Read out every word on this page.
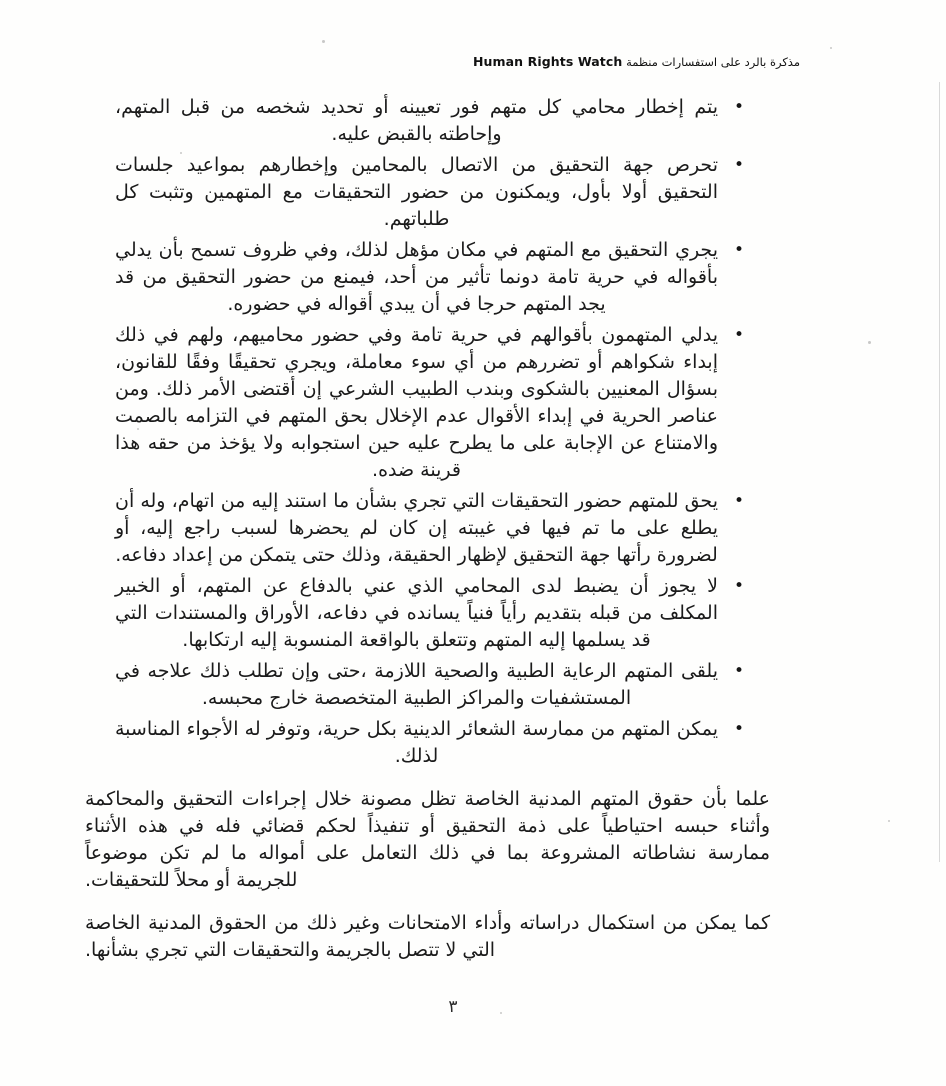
مذكرة بالرد على استفسارات منظمة Human Rights Watch
•
يتم إخطار محامي كل متهم فور تعيينه أو تحديد شخصه من قبل المتهم، وإحاطته بالقبض عليه.
•
تحرص جهة التحقيق من الاتصال بالمحامين وإخطارهم بمواعيد جلسات التحقيق أولا بأول، ويمكنون من حضور التحقيقات مع المتهمين وتثبت كل طلباتهم.
•
يجري التحقيق مع المتهم في مكان مؤهل لذلك، وفي ظروف تسمح بأن يدلي بأقواله في حرية تامة دونما تأثير من أحد، فيمنع من حضور التحقيق من قد يجد المتهم حرجا في أن يبدي أقواله في حضوره.
•
يدلي المتهمون بأقوالهم في حرية تامة وفي حضور محاميهم، ولهم في ذلك إبداء شكواهم أو تضررهم من أي سوء معاملة، ويجري تحقيقًا وفقًا للقانون، بسؤال المعنيين بالشكوى وبندب الطبيب الشرعي إن أقتضى الأمر ذلك. ومن عناصر الحرية في إبداء الأقوال عدم الإخلال بحق المتهم في التزامه بالصمت والامتناع عن الإجابة على ما يطرح عليه حين استجوابه ولا يؤخذ من حقه هذا قرينة ضده.
•
يحق للمتهم حضور التحقيقات التي تجري بشأن ما استند إليه من اتهام، وله أن يطلع على ما تم فيها في غيبته إن كان لم يحضرها لسبب راجع إليه، أو لضرورة رأتها جهة التحقيق لإظهار الحقيقة، وذلك حتى يتمكن من إعداد دفاعه.
•
لا يجوز أن يضبط لدى المحامي الذي عني بالدفاع عن المتهم، أو الخبير المكلف من قبله بتقديم رأياً فنياً يسانده في دفاعه، الأوراق والمستندات التي قد يسلمها إليه المتهم وتتعلق بالواقعة المنسوبة إليه ارتكابها.
•
يلقى المتهم الرعاية الطبية والصحية اللازمة ،حتى وإن تطلب ذلك علاجه في المستشفيات والمراكز الطبية المتخصصة خارج محبسه.
•
يمكن المتهم من ممارسة الشعائر الدينية بكل حرية، وتوفر له الأجواء المناسبة لذلك.

علما بأن حقوق المتهم المدنية الخاصة تظل مصونة خلال إجراءات التحقيق والمحاكمة وأثناء حبسه احتياطياً على ذمة التحقيق أو تنفيذاً لحكم قضائي فله في هذه الأثناء ممارسة نشاطاته المشروعة بما في ذلك التعامل على أمواله ما لم تكن موضوعاً للجريمة أو محلاً للتحقيقات.

كما يمكن من استكمال دراساته وأداء الامتحانات وغير ذلك من الحقوق المدنية الخاصة التي لا تتصل بالجريمة والتحقيقات التي تجري بشأنها.

٣
